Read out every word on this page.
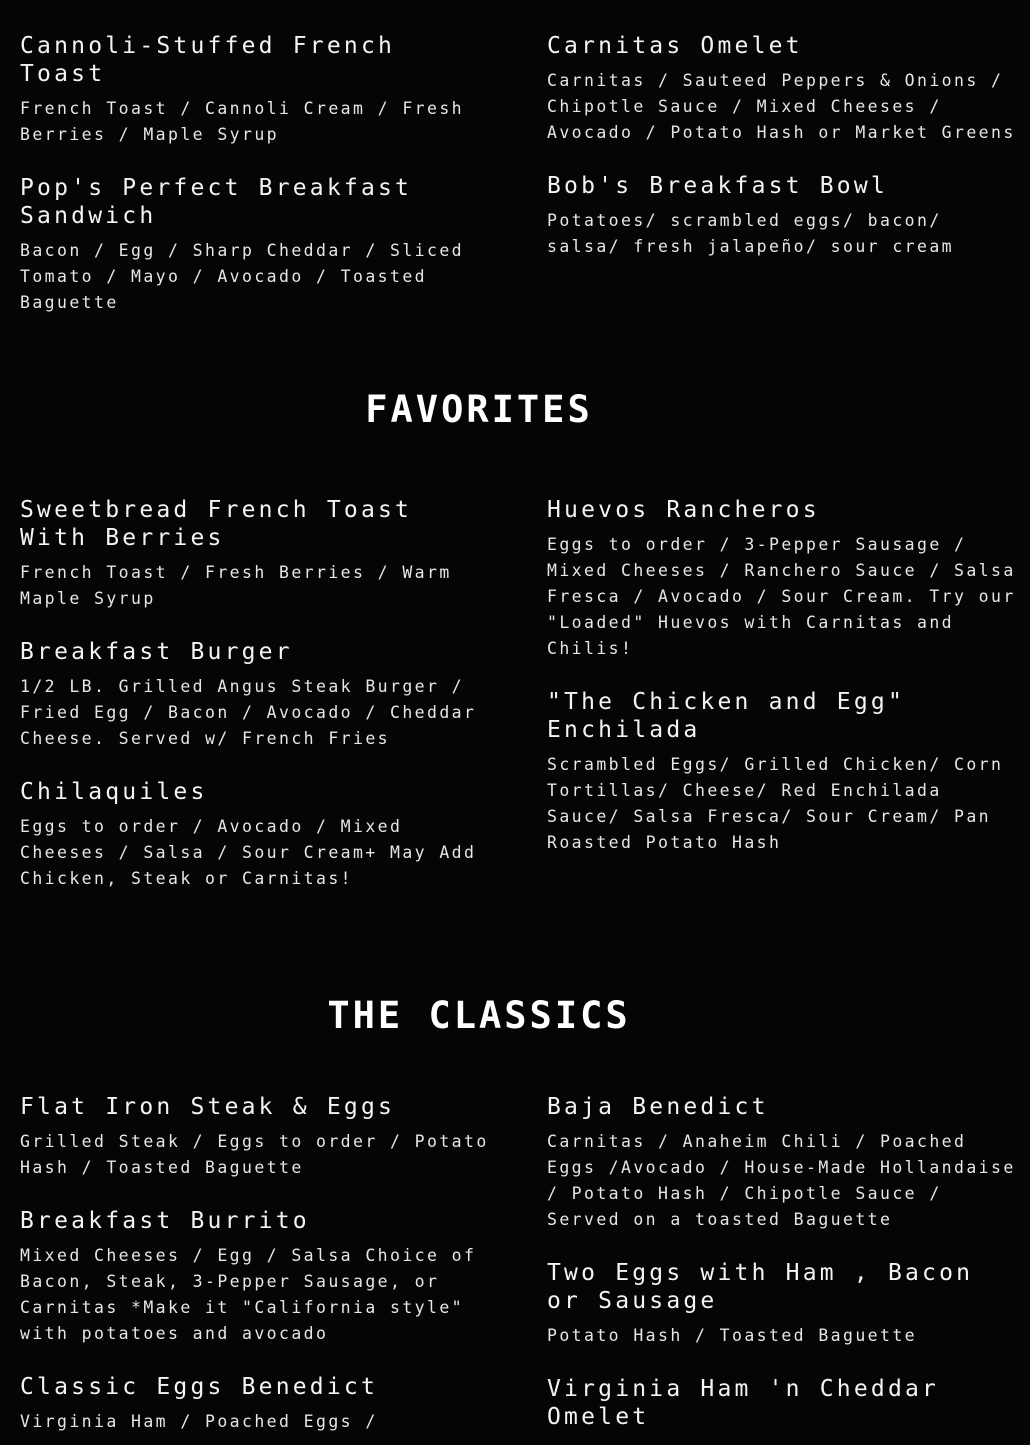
Cannoli-Stuffed French Toast
French Toast / Cannoli Cream / Fresh Berries / Maple Syrup
Pop's Perfect Breakfast Sandwich
Bacon / Egg / Sharp Cheddar / Sliced Tomato / Mayo / Avocado / Toasted Baguette
Carnitas Omelet
Carnitas / Sauteed Peppers & Onions / Chipotle Sauce / Mixed Cheeses / Avocado / Potato Hash or Market Greens
Bob's Breakfast Bowl
Potatoes/ scrambled eggs/ bacon/ salsa/ fresh jalapeño/ sour cream
FAVORITES
Sweetbread French Toast With Berries
French Toast / Fresh Berries / Warm Maple Syrup
Breakfast Burger
1/2 LB. Grilled Angus Steak Burger / Fried Egg / Bacon / Avocado / Cheddar Cheese. Served w/ French Fries
Chilaquiles
Eggs to order / Avocado / Mixed Cheeses / Salsa / Sour Cream+ May Add Chicken, Steak or Carnitas!
Huevos Rancheros
Eggs to order / 3-Pepper Sausage / Mixed Cheeses / Ranchero Sauce / Salsa Fresca / Avocado / Sour Cream. Try our "Loaded" Huevos with Carnitas and Chilis!
"The Chicken and Egg" Enchilada
Scrambled Eggs/ Grilled Chicken/ Corn Tortillas/ Cheese/ Red Enchilada Sauce/ Salsa Fresca/ Sour Cream/ Pan Roasted Potato Hash
THE CLASSICS
Flat Iron Steak & Eggs
Grilled Steak / Eggs to order / Potato Hash / Toasted Baguette
Breakfast Burrito
Mixed Cheeses / Egg / Salsa Choice of Bacon, Steak, 3-Pepper Sausage, or Carnitas *Make it "California style" with potatoes and avocado
Classic Eggs Benedict
Virginia Ham / Poached Eggs /
Baja Benedict
Carnitas / Anaheim Chili / Poached Eggs /Avocado / House-Made Hollandaise / Potato Hash / Chipotle Sauce / Served on a toasted Baguette
Two Eggs with Ham , Bacon or Sausage
Potato Hash / Toasted Baguette
Virginia Ham 'n Cheddar Omelet
